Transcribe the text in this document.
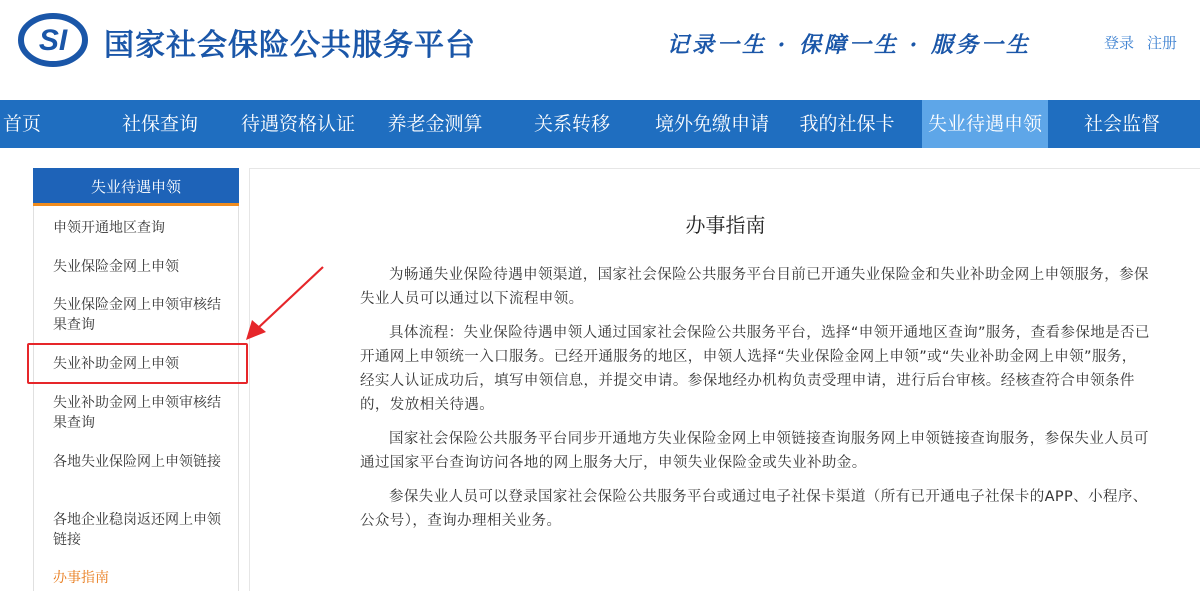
SI 国家社会保险公共服务平台	记录一生 · 保障一生 · 服务一生	登录 注册
首页	社保查询	待遇资格认证	养老金测算	关系转移	境外免缴申请	我的社保卡	失业待遇申领	社会监督
失业待遇申领
申领开通地区查询
失业保险金网上申领
失业保险金网上申领审核结果查询
失业补助金网上申领
失业补助金网上申领审核结果查询
各地失业保险网上申领链接
各地企业稳岗返还网上申领链接
办事指南
办事指南

为畅通失业保险待遇申领渠道，国家社会保险公共服务平台目前已开通失业保险金和失业补助金网上申领服务，参保失业人员可以通过以下流程申领。

具体流程：失业保险待遇申领人通过国家社会保险公共服务平台，选择“申领开通地区查询”服务，查看参保地是否已开通网上申领统一入口服务。已经开通服务的地区，申领人选择“失业保险金网上申领”或“失业补助金网上申领”服务，经实人认证成功后，填写申领信息，并提交申请。参保地经办机构负责受理申请，进行后台审核。经核查符合申领条件的，发放相关待遇。

国家社会保险公共服务平台同步开通地方失业保险金网上申领链接查询服务网上申领链接查询服务，参保失业人员可通过国家平台查询访问各地的网上服务大厅，申领失业保险金或失业补助金。

参保失业人员可以登录国家社会保险公共服务平台或通过电子社保卡渠道（所有已开通电子社保卡的APP、小程序、公众号），查询办理相关业务。
